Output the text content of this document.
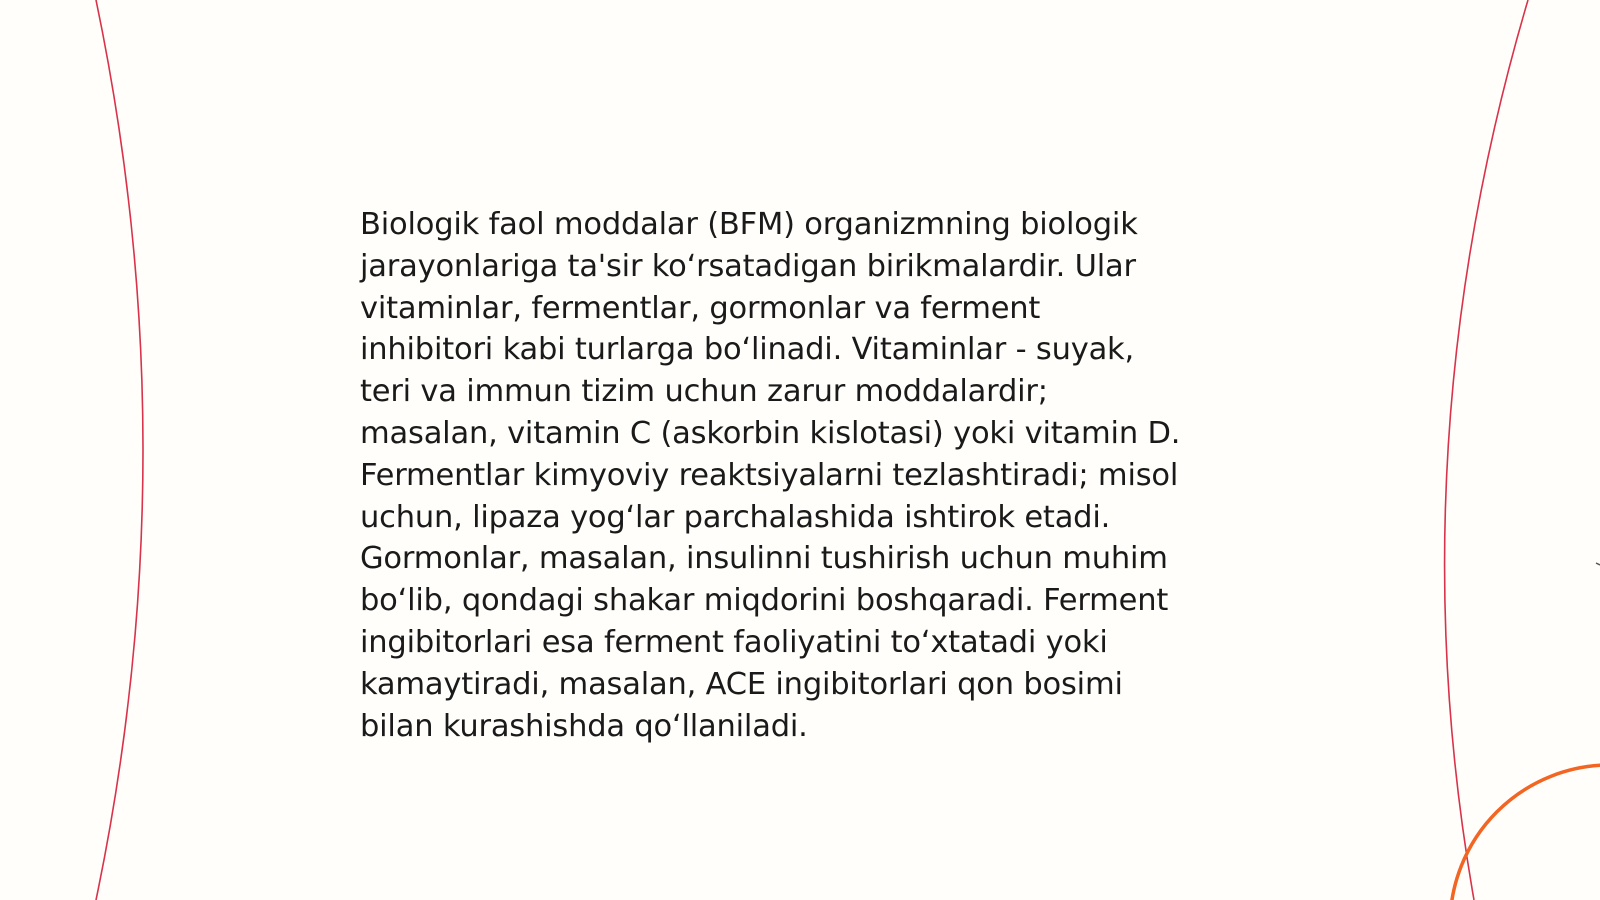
Biologik faol moddalar (BFM) organizmning biologik
jarayonlariga ta'sir ko‘rsatadigan birikmalardir. Ular
vitaminlar, fermentlar, gormonlar va ferment
inhibitori kabi turlarga bo‘linadi. Vitaminlar - suyak,
teri va immun tizim uchun zarur moddalardir;
masalan, vitamin C (askorbin kislotasi) yoki vitamin D.
Fermentlar kimyoviy reaktsiyalarni tezlashtiradi; misol
uchun, lipaza yog‘lar parchalashida ishtirok etadi.
Gormonlar, masalan, insulinni tushirish uchun muhim
bo‘lib, qondagi shakar miqdorini boshqaradi. Ferment
ingibitorlari esa ferment faoliyatini to‘xtatadi yoki
kamaytiradi, masalan, ACE ingibitorlari qon bosimi
bilan kurashishda qo‘llaniladi.
